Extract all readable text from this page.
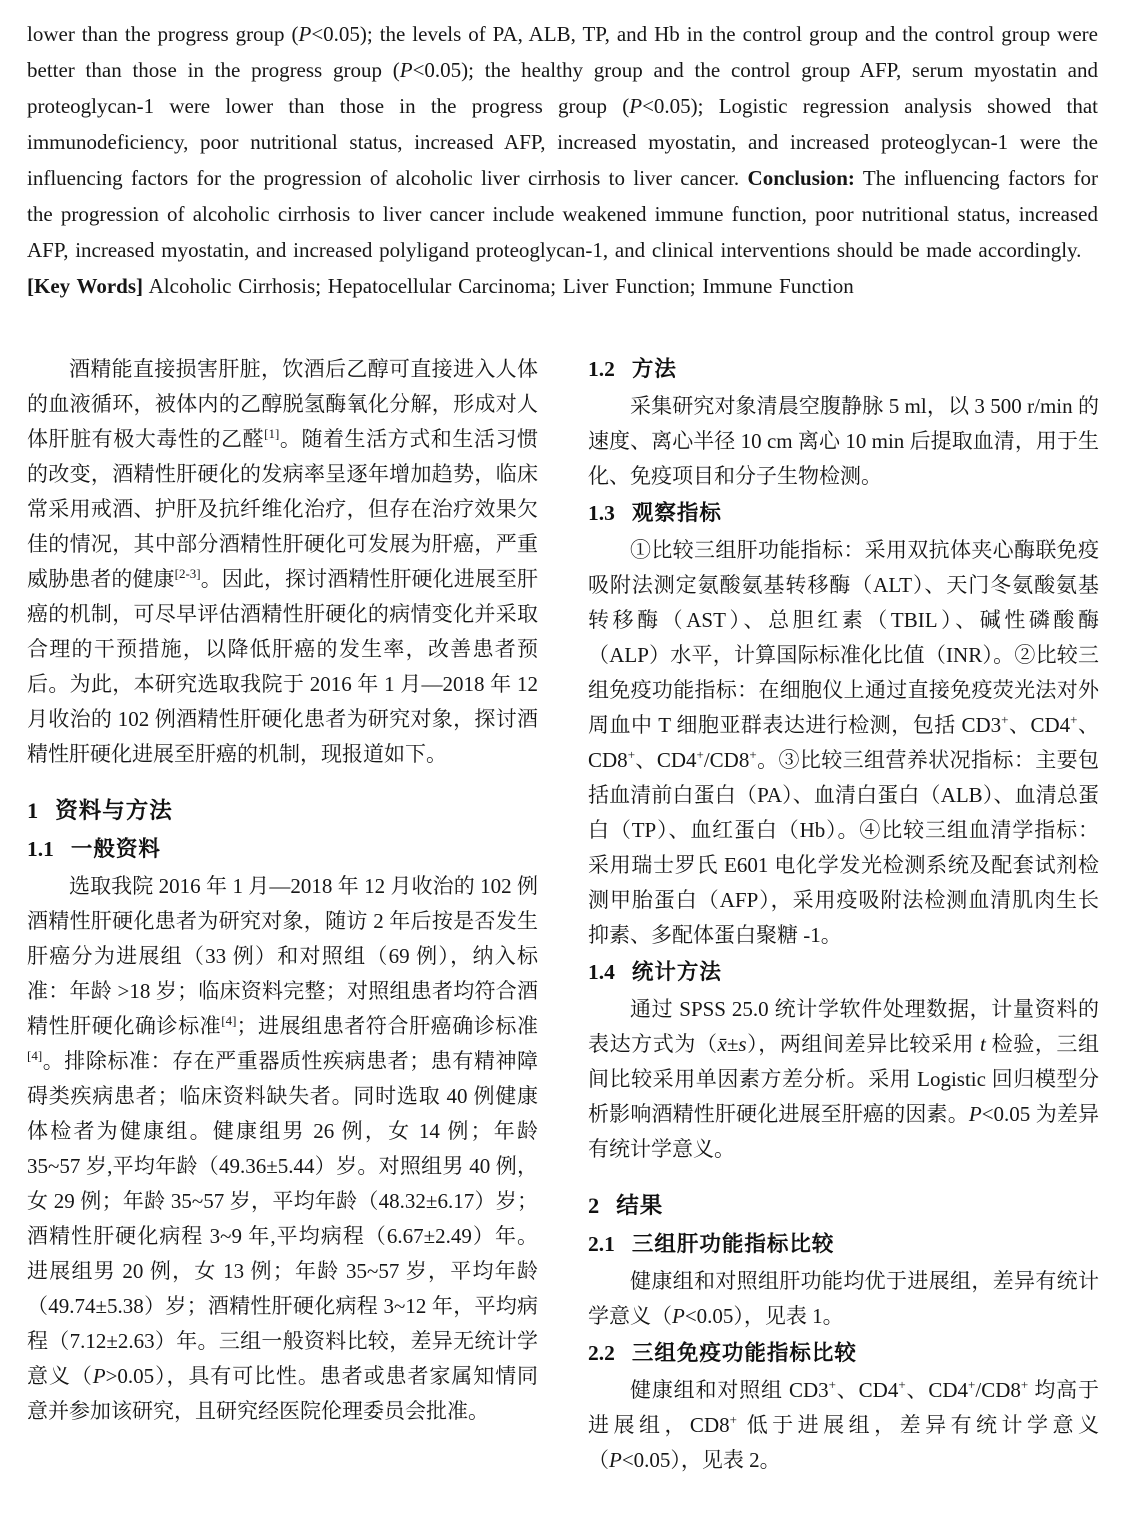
lower than the progress group (P<0.05); the levels of PA, ALB, TP, and Hb in the control group and the control group were better than those in the progress group (P<0.05); the healthy group and the control group AFP, serum myostatin and proteoglycan-1 were lower than those in the progress group (P<0.05); Logistic regression analysis showed that immunodeficiency, poor nutritional status, increased AFP, increased myostatin, and increased proteoglycan-1 were the influencing factors for the progression of alcoholic liver cirrhosis to liver cancer. Conclusion: The influencing factors for the progression of alcoholic cirrhosis to liver cancer include weakened immune function, poor nutritional status, increased AFP, increased myostatin, and increased polyligand proteoglycan-1, and clinical interventions should be made accordingly.

[Key Words] Alcoholic Cirrhosis; Hepatocellular Carcinoma; Liver Function; Immune Function

酒精能直接损害肝脏，饮酒后乙醇可直接进入人体的血液循环，被体内的乙醇脱氢酶氧化分解，形成对人体肝脏有极大毒性的乙醛[1]。随着生活方式和生活习惯的改变，酒精性肝硬化的发病率呈逐年增加趋势，临床常采用戒酒、护肝及抗纤维化治疗，但存在治疗效果欠佳的情况，其中部分酒精性肝硬化可发展为肝癌，严重威胁患者的健康[2-3]。因此，探讨酒精性肝硬化进展至肝癌的机制，可尽早评估酒精性肝硬化的病情变化并采取合理的干预措施，以降低肝癌的发生率，改善患者预后。为此，本研究选取我院于 2016 年 1 月—2018 年 12 月收治的 102 例酒精性肝硬化患者为研究对象，探讨酒精性肝硬化进展至肝癌的机制，现报道如下。

1 资料与方法
1.1 一般资料

选取我院 2016 年 1 月—2018 年 12 月收治的 102 例酒精性肝硬化患者为研究对象，随访 2 年后按是否发生肝癌分为进展组（33 例）和对照组（69 例），纳入标准：年龄 >18 岁；临床资料完整；对照组患者均符合酒精性肝硬化确诊标准[4]；进展组患者符合肝癌确诊标准[4]。排除标准：存在严重器质性疾病患者；患有精神障碍类疾病患者；临床资料缺失者。同时选取 40 例健康体检者为健康组。健康组男 26 例，女 14 例；年龄 35~57 岁,平均年龄（49.36±5.44）岁。对照组男 40 例，女 29 例；年龄 35~57 岁，平均年龄（48.32±6.17）岁；酒精性肝硬化病程 3~9 年,平均病程（6.67±2.49）年。进展组男 20 例，女 13 例；年龄 35~57 岁，平均年龄（49.74±5.38）岁；酒精性肝硬化病程 3~12 年，平均病程（7.12±2.63）年。三组一般资料比较，差异无统计学意义（P>0.05），具有可比性。患者或患者家属知情同意并参加该研究，且研究经医院伦理委员会批准。

1.2 方法

采集研究对象清晨空腹静脉 5 ml，以 3 500 r/min 的速度、离心半径 10 cm 离心 10 min 后提取血清，用于生化、免疫项目和分子生物检测。

1.3 观察指标

①比较三组肝功能指标：采用双抗体夹心酶联免疫吸附法测定氨酸氨基转移酶（ALT）、天门冬氨酸氨基转移酶（AST）、总胆红素（TBIL）、碱性磷酸酶（ALP）水平，计算国际标准化比值（INR）。②比较三组免疫功能指标：在细胞仪上通过直接免疫荧光法对外周血中 T 细胞亚群表达进行检测，包括 CD3+、CD4+、CD8+、CD4+/CD8+。③比较三组营养状况指标：主要包括血清前白蛋白（PA）、血清白蛋白（ALB）、血清总蛋白（TP）、血红蛋白（Hb）。④比较三组血清学指标：采用瑞士罗氏 E601 电化学发光检测系统及配套试剂检测甲胎蛋白（AFP），采用疫吸附法检测血清肌肉生长抑素、多配体蛋白聚糖 -1。

1.4 统计方法

通过 SPSS 25.0 统计学软件处理数据，计量资料的表达方式为（x̄±s），两组间差异比较采用 t 检验，三组间比较采用单因素方差分析。采用 Logistic 回归模型分析影响酒精性肝硬化进展至肝癌的因素。P<0.05 为差异有统计学意义。

2 结果
2.1 三组肝功能指标比较

健康组和对照组肝功能均优于进展组，差异有统计学意义（P<0.05），见表 1。

2.2 三组免疫功能指标比较

健康组和对照组 CD3+、CD4+、CD4+/CD8+ 均高于进展组，CD8+ 低于进展组，差异有统计学意义（P<0.05），见表 2。
